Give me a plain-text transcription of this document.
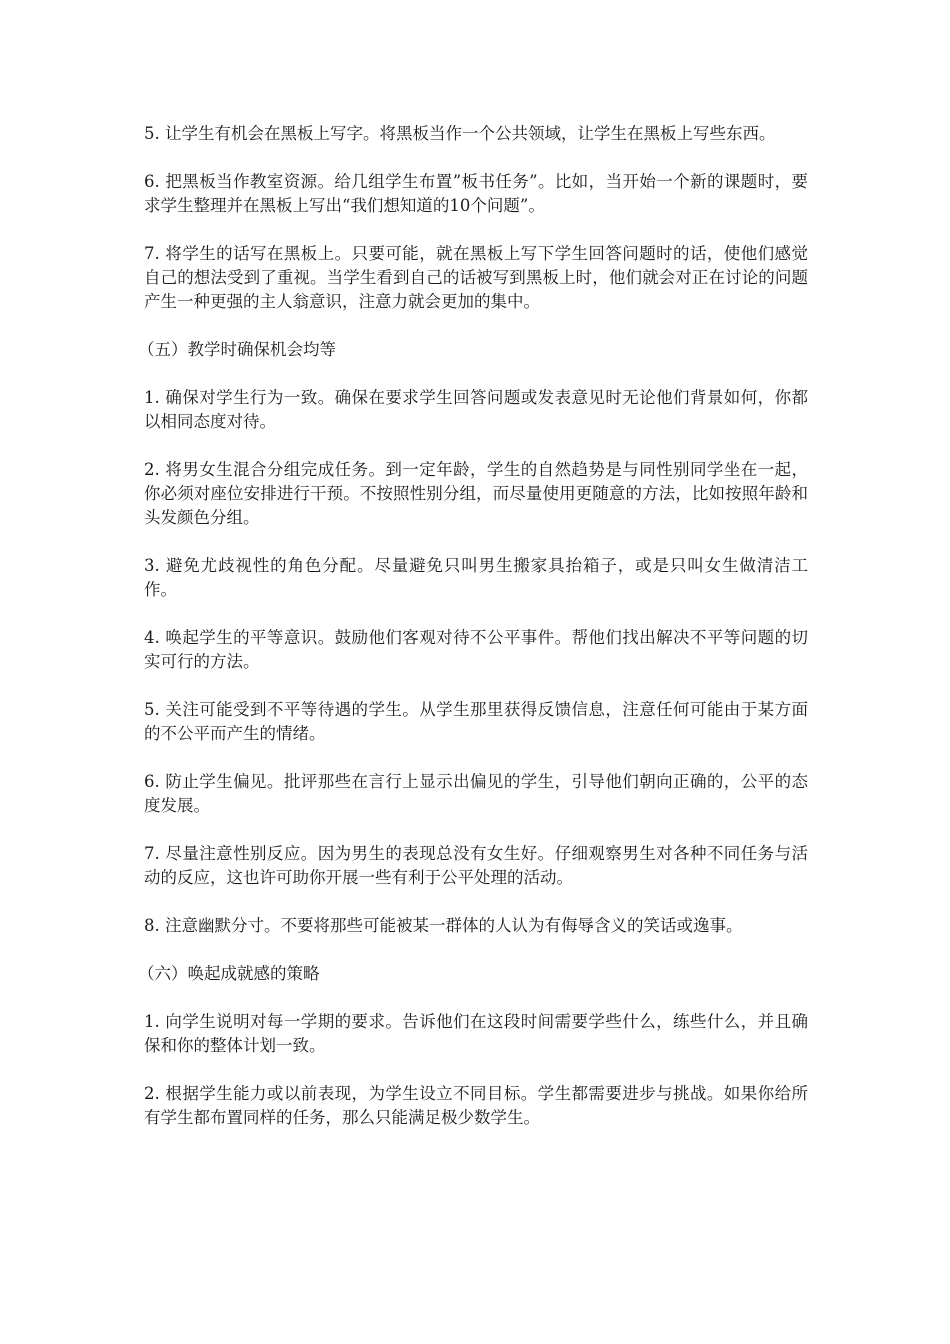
5. 让学生有机会在黑板上写字。将黑板当作一个公共领域，让学生在黑板上写些东西。

6. 把黑板当作教室资源。给几组学生布置”板书任务”。比如，当开始一个新的课题时，要求学生整理并在黑板上写出“我们想知道的10个问题”。

7. 将学生的话写在黑板上。只要可能，就在黑板上写下学生回答问题时的话，使他们感觉自己的想法受到了重视。当学生看到自己的话被写到黑板上时，他们就会对正在讨论的问题产生一种更强的主人翁意识，注意力就会更加的集中。

（五）教学时确保机会均等

1. 确保对学生行为一致。确保在要求学生回答问题或发表意见时无论他们背景如何，你都以相同态度对待。

2. 将男女生混合分组完成任务。到一定年龄，学生的自然趋势是与同性别同学坐在一起，你必须对座位安排进行干预。不按照性别分组，而尽量使用更随意的方法，比如按照年龄和头发颜色分组。

3. 避免尤歧视性的角色分配。尽量避免只叫男生搬家具抬箱子，或是只叫女生做清洁工作。

4. 唤起学生的平等意识。鼓励他们客观对待不公平事件。帮他们找出解决不平等问题的切实可行的方法。

5. 关注可能受到不平等待遇的学生。从学生那里获得反馈信息，注意任何可能由于某方面的不公平而产生的情绪。

6. 防止学生偏见。批评那些在言行上显示出偏见的学生，引导他们朝向正确的，公平的态度发展。

7. 尽量注意性别反应。因为男生的表现总没有女生好。仔细观察男生对各种不同任务与活动的反应，这也许可助你开展一些有利于公平处理的活动。

8. 注意幽默分寸。不要将那些可能被某一群体的人认为有侮辱含义的笑话或逸事。

（六）唤起成就感的策略

1. 向学生说明对每一学期的要求。告诉他们在这段时间需要学些什么，练些什么，并且确保和你的整体计划一致。

2. 根据学生能力或以前表现，为学生设立不同目标。学生都需要进步与挑战。如果你给所有学生都布置同样的任务，那么只能满足极少数学生。
